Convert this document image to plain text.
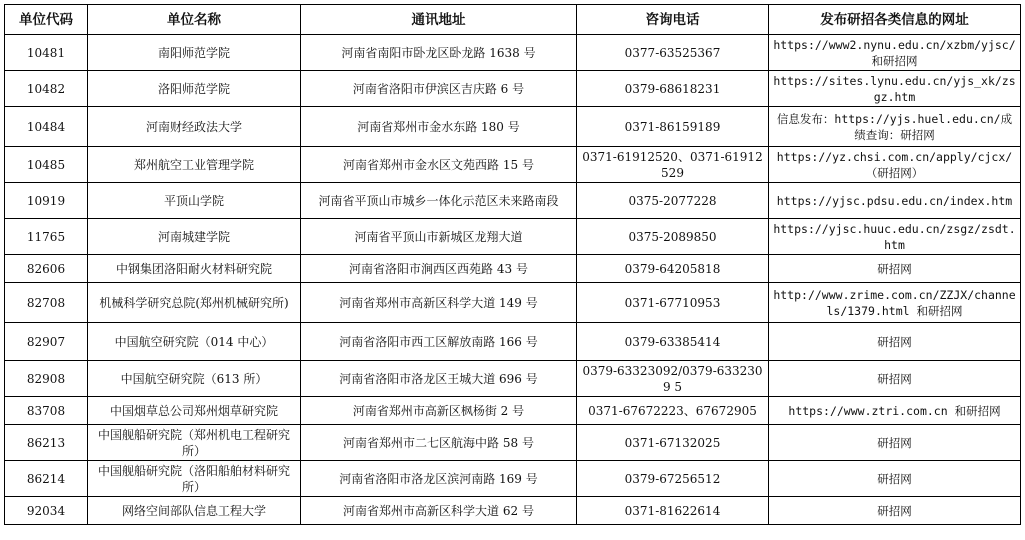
单位代码	单位名称	通讯地址	咨询电话	发布研招各类信息的网址
10481	南阳师范学院	河南省南阳市卧龙区卧龙路 1638 号	0377-63525367	https://www2.nynu.edu.cn/xzbm/yjsc/和研招网
10482	洛阳师范学院	河南省洛阳市伊滨区吉庆路 6 号	0379-68618231	https://sites.lynu.edu.cn/yjs_xk/zsgz.htm
10484	河南财经政法大学	河南省郑州市金水东路 180 号	0371-86159189	信息发布：https://yjs.huel.edu.cn/成绩查询：研招网
10485	郑州航空工业管理学院	河南省郑州市金水区文苑西路 15 号	0371-61912520、0371-61912529	https://yz.chsi.com.cn/apply/cjcx/（研招网）
10919	平顶山学院	河南省平顶山市城乡一体化示范区未来路南段	0375-2077228	https://yjsc.pdsu.edu.cn/index.htm
11765	河南城建学院	河南省平顶山市新城区龙翔大道	0375-2089850	https://yjsc.huuc.edu.cn/zsgz/zsdt.htm
82606	中钢集团洛阳耐火材料研究院	河南省洛阳市涧西区西苑路 43 号	0379-64205818	研招网
82708	机械科学研究总院(郑州机械研究所)	河南省郑州市高新区科学大道 149 号	0371-67710953	http://www.zrime.com.cn/ZZJX/channels/1379.html 和研招网
82907	中国航空研究院（014 中心）	河南省洛阳市西工区解放南路 166 号	0379-63385414	研招网
82908	中国航空研究院（613 所）	河南省洛阳市洛龙区王城大道 696 号	0379-63323092/0379-6332309 5	研招网
83708	中国烟草总公司郑州烟草研究院	河南省郑州市高新区枫杨街 2 号	0371-67672223、67672905	https://www.ztri.com.cn 和研招网
86213	中国舰船研究院（郑州机电工程研究所）	河南省郑州市二七区航海中路 58 号	0371-67132025	研招网
86214	中国舰船研究院（洛阳船舶材料研究所）	河南省洛阳市洛龙区滨河南路 169 号	0379-67256512	研招网
92034	网络空间部队信息工程大学	河南省郑州市高新区科学大道 62 号	0371-81622614	研招网
